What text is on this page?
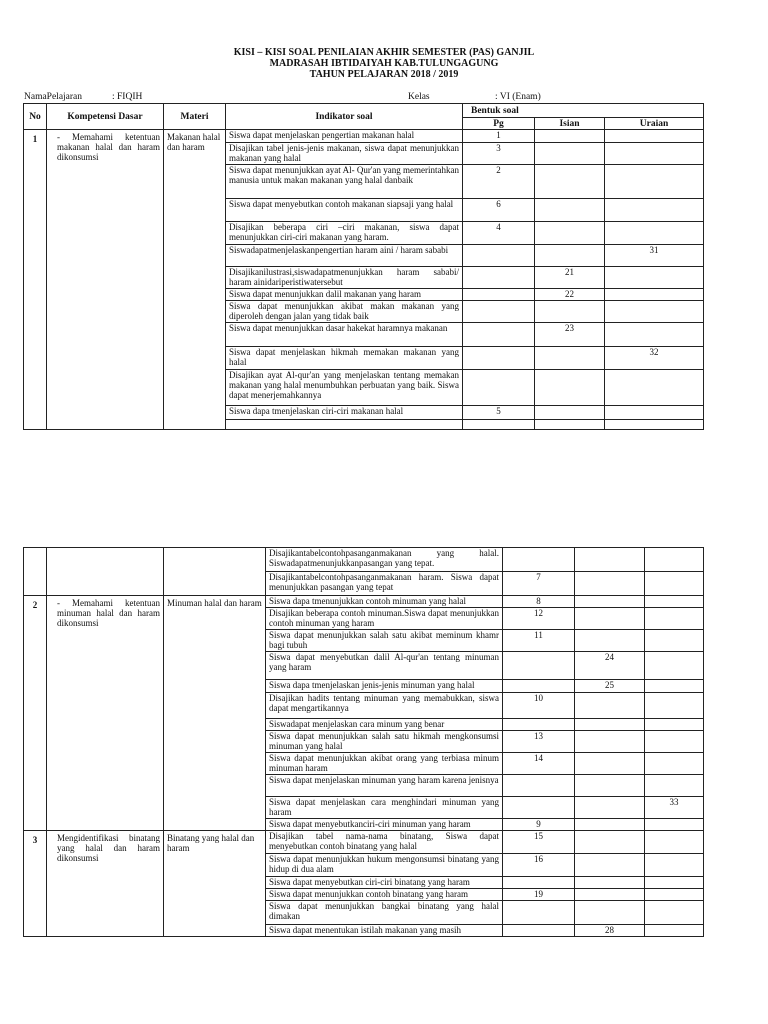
KISI – KISI SOAL PENILAIAN AKHIR SEMESTER (PAS) GANJIL
MADRASAH IBTIDAIYAH KAB.TULUNGAGUNG
TAHUN PELAJARAN 2018 / 2019
NamaPelajaran	: FIQIH	Kelas	: VI (Enam)
No	Kompetensi Dasar	Materi	Indikator soal	Bentuk soal		
				Pg	Isian	Uraian
1	- Memahami ketentuan makanan halal dan haram dikonsumsi	Makanan halal dan haram	Siswa dapat menjelaskan pengertian makanan halal	1		
			Disajikan tabel jenis-jenis makanan, siswa dapat menunjukkan makanan yang halal	3		
			Siswa dapat menunjukkan ayat Al- Qur'an yang memerintahkan manusia untuk makan makanan yang halal danbaik	2		
			Siswa dapat menyebutkan contoh makanan siapsaji yang halal	6		
			Disajikan beberapa ciri –ciri makanan, siswa dapat menunjukkan ciri-ciri makanan yang haram.	4		
			Siswadapatmenjelaskanpengertian haram aini / haram sababi			31
			Disajikanilustrasi,siswadapatmenunjukkan haram sababi/ haram ainidariperistiwatersebut		21	
			Siswa dapat menunjukkan dalil makanan yang haram		22	
			Siswa dapat menunjukkan akibat makan makanan yang diperoleh dengan jalan yang tidak baik			
			Siswa dapat menunjukkan dasar hakekat haramnya makanan		23	
			Siswa dapat menjelaskan hikmah memakan makanan yang halal			32
			Disajikan ayat Al-qur'an yang menjelaskan tentang memakan makanan yang halal menumbuhkan perbuatan yang baik. Siswa dapat menerjemahkannya			
			Siswa dapa tmenjelaskan ciri-ciri makanan halal	5		

			Disajikantabelcontohpasanganmakanan yang halal. Siswadapatmenunjukkanpasangan yang tepat.			
			Disajikantabelcontohpasanganmakanan haram. Siswa dapat menunjukkan pasangan yang tepat	7		
2	- Memahami ketentuan minuman halal dan haram dikonsumsi	Minuman halal dan haram	Siswa dapa tmenunjukkan contoh minuman yang halal	8		
			Disajikan beberapa contoh minuman.Siswa dapat menunjukkan contoh minuman yang haram	12		
			Siswa dapat menunjukkan salah satu akibat meminum khamr bagi tubuh	11		
			Siswa dapat menyebutkan dalil Al-qur'an tentang minuman yang haram		24	
			Siswa dapa tmenjelaskan jenis-jenis minuman yang halal		25	
			Disajikan hadits tentang minuman yang memabukkan, siswa dapat mengartikannya	10		
			Siswadapat menjelaskan cara minum yang benar			
			Siswa dapat menunjukkan salah satu hikmah mengkonsumsi minuman yang halal	13		
			Siswa dapat menunjukkan akibat orang yang terbiasa minum minuman haram	14		
			Siswa dapat menjelaskan minuman yang haram karena jenisnya			
			Siswa dapat menjelaskan cara menghindari minuman yang haram			33
			Siswa dapat menyebutkanciri-ciri minuman yang haram	9		
3	Mengidentifikasi binatang yang halal dan haram dikonsumsi	Binatang yang halal dan haram	Disajikan tabel nama-nama binatang, Siswa dapat menyebutkan contoh binatang yang halal	15		
			Siswa dapat menunjukkan hukum mengonsumsi binatang yang hidup di dua alam	16		
			Siswa dapat menyebutkan ciri-ciri binatang yang haram			
			Siswa dapat menunjukkan contoh binatang yang haram	19		
			Siswa dapat menunjukkan bangkai binatang yang halal dimakan			
			Siswa dapat menentukan istilah makanan yang masih		28	
